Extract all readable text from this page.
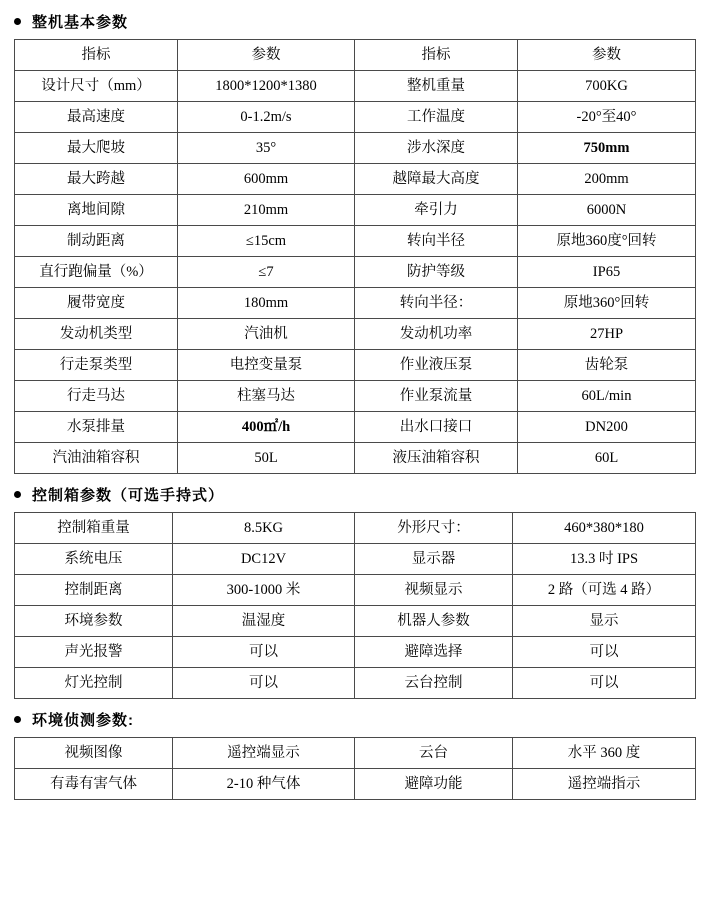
整机基本参数
指标	参数	指标	参数
设计尺寸（mm）	1800*1200*1380	整机重量	700KG
最高速度	0-1.2m/s	工作温度	-20°至40°
最大爬坡	35°	涉水深度	750mm
最大跨越	600mm	越障最大高度	200mm
离地间隙	210mm	牵引力	6000N
制动距离	≤15cm	转向半径	原地360度°回转
直行跑偏量（%）	≤7	防护等级	IP65
履带宽度	180mm	转向半径：	原地360°回转
发动机类型	汽油机	发动机功率	27HP
行走泵类型	电控变量泵	作业液压泵	齿轮泵
行走马达	柱塞马达	作业泵流量	60L/min
水泵排量	400㎡/h	出水口接口	DN200
汽油油箱容积	50L	液压油箱容积	60L
控制箱参数（可选手持式）
控制箱重量	8.5KG	外形尺寸：	460*380*180
系统电压	DC12V	显示器	13.3 吋 IPS
控制距离	300-1000 米	视频显示	2 路（可选 4 路）
环境参数	温湿度	机器人参数	显示
声光报警	可以	避障选择	可以
灯光控制	可以	云台控制	可以
环境侦测参数:
视频图像	遥控端显示	云台	水平 360 度
有毒有害气体	2-10 种气体	避障功能	遥控端指示
